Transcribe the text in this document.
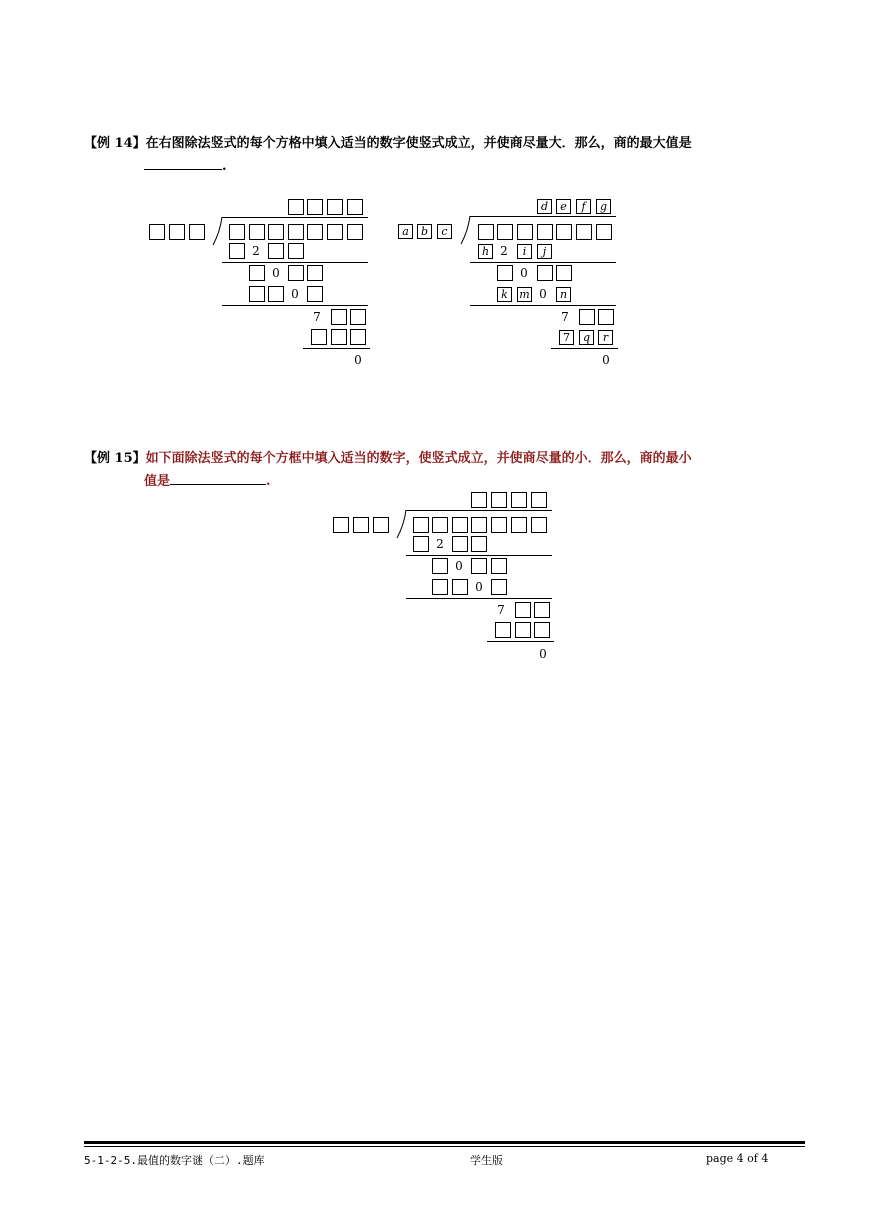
【例 14】在右图除法竖式的每个方格中填入适当的数字使竖式成立，并使商尽量大．那么，商的最大值是
.
2
0
0
7
0
d	e	f	g
a	b	c
h 2	i	j
0
k	m 0	n
7
7	q	r
0
【例 15】如下面除法竖式的每个方框中填入适当的数字，使竖式成立，并使商尽量的小．那么，商的最小
值是	.
2
0
0
7
0
5-1-2-5.最值的数字谜（二）.题库	学生版	page 4 of 4
